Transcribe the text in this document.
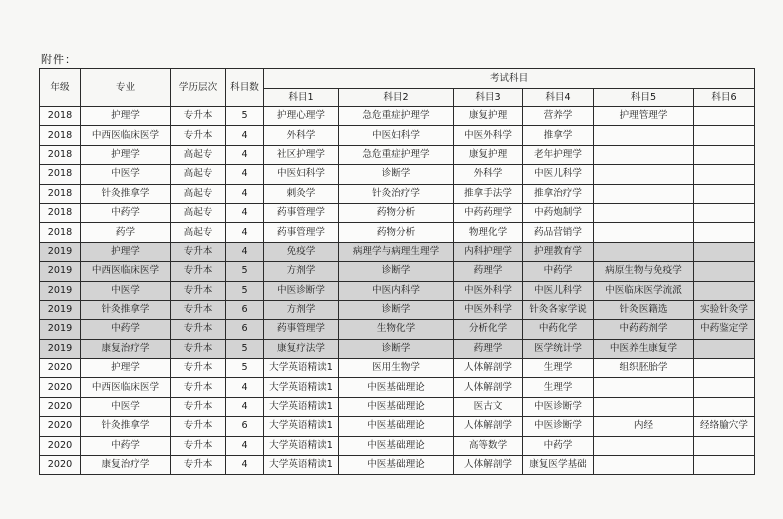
附件：
年级	专业	学历层次	科目数	考试科目					
				科目1	科目2	科目3	科目4	科目5	科目6
2018	护理学	专升本	5	护理心理学	急危重症护理学	康复护理	营养学	护理管理学	
2018	中西医临床医学	专升本	4	外科学	中医妇科学	中医外科学	推拿学		
2018	护理学	高起专	4	社区护理学	急危重症护理学	康复护理	老年护理学		
2018	中医学	高起专	4	中医妇科学	诊断学	外科学	中医儿科学		
2018	针灸推拿学	高起专	4	刺灸学	针灸治疗学	推拿手法学	推拿治疗学		
2018	中药学	高起专	4	药事管理学	药物分析	中药药理学	中药炮制学		
2018	药学	高起专	4	药事管理学	药物分析	物理化学	药品营销学		
2019	护理学	专升本	4	免疫学	病理学与病理生理学	内科护理学	护理教育学		
2019	中西医临床医学	专升本	5	方剂学	诊断学	药理学	中药学	病原生物与免疫学	
2019	中医学	专升本	5	中医诊断学	中医内科学	中医外科学	中医儿科学	中医临床医学流派	
2019	针灸推拿学	专升本	6	方剂学	诊断学	中医外科学	针灸各家学说	针灸医籍选	实验针灸学
2019	中药学	专升本	6	药事管理学	生物化学	分析化学	中药化学	中药药剂学	中药鉴定学
2019	康复治疗学	专升本	5	康复疗法学	诊断学	药理学	医学统计学	中医养生康复学	
2020	护理学	专升本	5	大学英语精读1	医用生物学	人体解剖学	生理学	组织胚胎学	
2020	中西医临床医学	专升本	4	大学英语精读1	中医基础理论	人体解剖学	生理学		
2020	中医学	专升本	4	大学英语精读1	中医基础理论	医古文	中医诊断学		
2020	针灸推拿学	专升本	6	大学英语精读1	中医基础理论	人体解剖学	中医诊断学	内经	经络腧穴学
2020	中药学	专升本	4	大学英语精读1	中医基础理论	高等数学	中药学		
2020	康复治疗学	专升本	4	大学英语精读1	中医基础理论	人体解剖学	康复医学基础		
